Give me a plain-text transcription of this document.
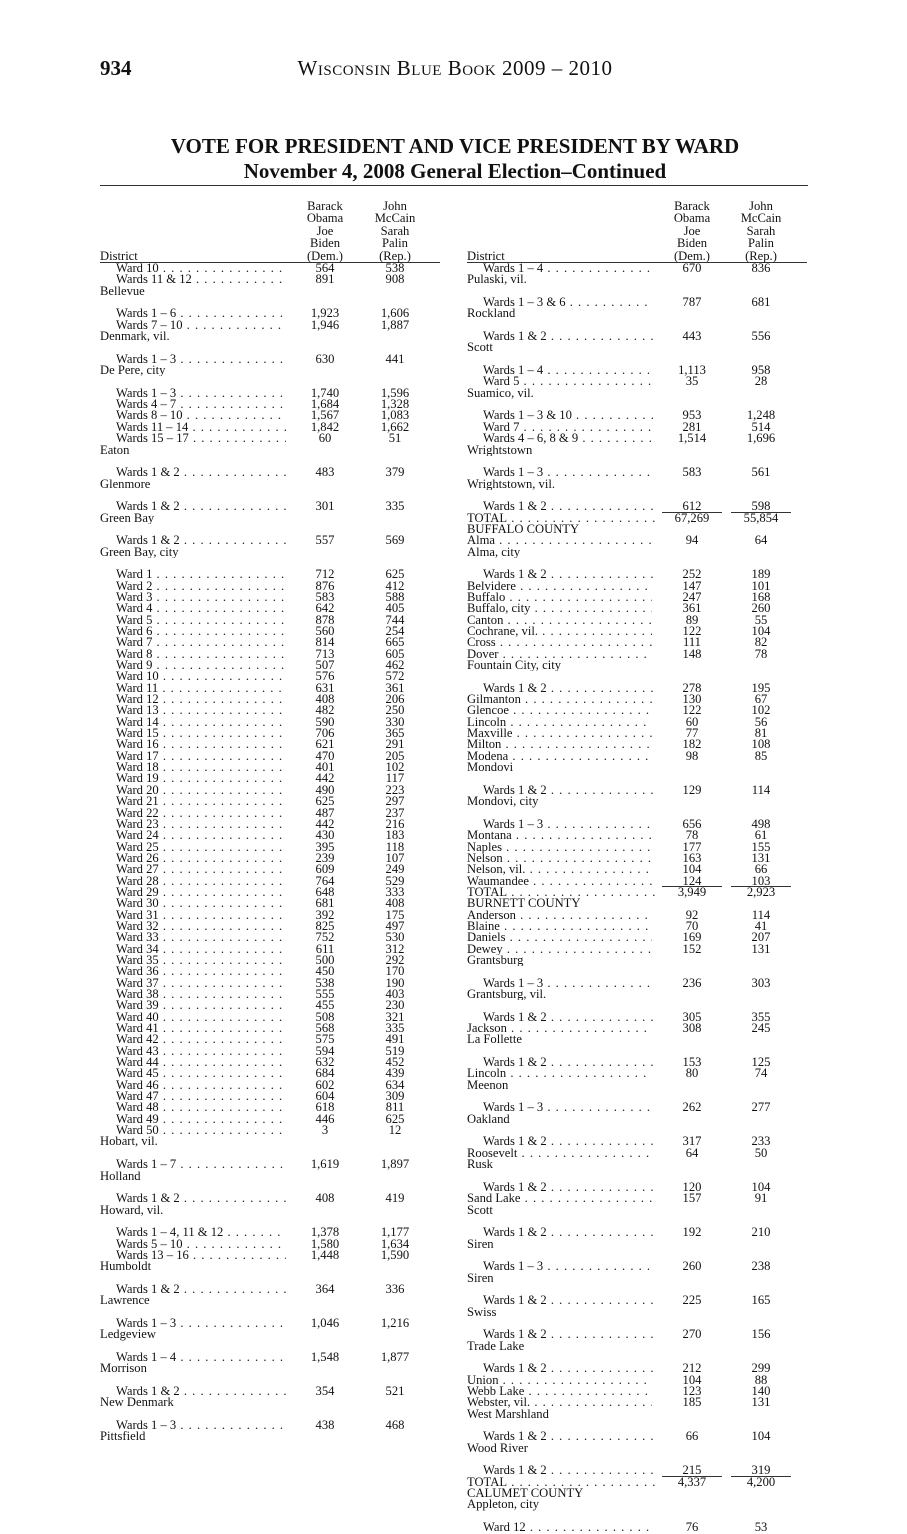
934	Wisconsin Blue Book 2009 – 2010
VOTE FOR PRESIDENT AND VICE PRESIDENT BY WARD
November 4, 2008 General Election–Continued
District
Barack
Obama
Joe
Biden
(Dem.)
John
McCain
Sarah
Palin
(Rep.)
Ward 10 . . .	564	538
Wards 11 & 12 . . .	891	908
Bellevue
Wards 1 – 6 . . .	1,923	1,606
Wards 7 – 10 . . .	1,946	1,887
Denmark, vil.
Wards 1 – 3 . . .	630	441
De Pere, city
Wards 1 – 3 . . .	1,740	1,596
Wards 4 – 7 . . .	1,684	1,328
Wards 8 – 10 . . .	1,567	1,083
Wards 11 – 14 . . .	1,842	1,662
Wards 15 – 17 . . .	60	51
Eaton
Wards 1 & 2 . . .	483	379
Glenmore
Wards 1 & 2 . . .	301	335
Green Bay
Wards 1 & 2 . . .	557	569
Green Bay, city
Ward 1 . . .	712	625
Ward 2 . . .	876	412
Ward 3 . . .	583	588
Ward 4 . . .	642	405
Ward 5 . . .	878	744
Ward 6 . . .	560	254
Ward 7 . . .	814	665
Ward 8 . . .	713	605
Ward 9 . . .	507	462
Ward 10 . . .	576	572
Ward 11 . . .	631	361
Ward 12 . . .	408	206
Ward 13 . . .	482	250
Ward 14 . . .	590	330
Ward 15 . . .	706	365
Ward 16 . . .	621	291
Ward 17 . . .	470	205
Ward 18 . . .	401	102
Ward 19 . . .	442	117
Ward 20 . . .	490	223
Ward 21 . . .	625	297
Ward 22 . . .	487	237
Ward 23 . . .	442	216
Ward 24 . . .	430	183
Ward 25 . . .	395	118
Ward 26 . . .	239	107
Ward 27 . . .	609	249
Ward 28 . . .	764	529
Ward 29 . . .	648	333
Ward 30 . . .	681	408
Ward 31 . . .	392	175
Ward 32 . . .	825	497
Ward 33 . . .	752	530
Ward 34 . . .	611	312
Ward 35 . . .	500	292
Ward 36 . . .	450	170
Ward 37 . . .	538	190
Ward 38 . . .	555	403
Ward 39 . . .	455	230
Ward 40 . . .	508	321
Ward 41 . . .	568	335
Ward 42 . . .	575	491
Ward 43 . . .	594	519
Ward 44 . . .	632	452
Ward 45 . . .	684	439
Ward 46 . . .	602	634
Ward 47 . . .	604	309
Ward 48 . . .	618	811
Ward 49 . . .	446	625
Ward 50 . . .	3	12
Hobart, vil.
Wards 1 – 7 . . .	1,619	1,897
Holland
Wards 1 & 2 . . .	408	419
Howard, vil.
Wards 1 – 4, 11 & 12 . . .	1,378	1,177
Wards 5 – 10 . . .	1,580	1,634
Wards 13 – 16 . . .	1,448	1,590
Humboldt
Wards 1 & 2 . . .	364	336
Lawrence
Wards 1 – 3 . . .	1,046	1,216
Ledgeview
Wards 1 – 4 . . .	1,548	1,877
Morrison
Wards 1 & 2 . . .	354	521
New Denmark
Wards 1 – 3 . . .	438	468
Pittsfield
District
Barack
Obama
Joe
Biden
(Dem.)
John
McCain
Sarah
Palin
(Rep.)
Wards 1 – 4 . . .	670	836
Pulaski, vil.
Wards 1 – 3 & 6 . . .	787	681
Rockland
Wards 1 & 2 . . .	443	556
Scott
Wards 1 – 4 . . .	1,113	958
Ward 5 . . .	35	28
Suamico, vil.
Wards 1 – 3 & 10 . . .	953	1,248
Ward 7 . . .	281	514
Wards 4 – 6, 8 & 9 . . .	1,514	1,696
Wrightstown
Wards 1 – 3 . . .	583	561
Wrightstown, vil.
Wards 1 & 2 . . .	612	598
TOTAL . . .	67,269	55,854
BUFFALO COUNTY
Alma . . .	94	64
Alma, city
Wards 1 & 2 . . .	252	189
Belvidere . . .	147	101
Buffalo . . .	247	168
Buffalo, city . . .	361	260
Canton . . .	89	55
Cochrane, vil. . . .	122	104
Cross . . .	111	82
Dover . . .	148	78
Fountain City, city
Wards 1 & 2 . . .	278	195
Gilmanton . . .	130	67
Glencoe . . .	122	102
Lincoln . . .	60	56
Maxville . . .	77	81
Milton . . .	182	108
Modena . . .	98	85
Mondovi
Wards 1 & 2 . . .	129	114
Mondovi, city
Wards 1 – 3 . . .	656	498
Montana . . .	78	61
Naples . . .	177	155
Nelson . . .	163	131
Nelson, vil. . . .	104	66
Waumandee . . .	124	103
TOTAL . . .	3,949	2,923
BURNETT COUNTY
Anderson . . .	92	114
Blaine . . .	70	41
Daniels . . .	169	207
Dewey . . .	152	131
Grantsburg
Wards 1 – 3 . . .	236	303
Grantsburg, vil.
Wards 1 & 2 . . .	305	355
Jackson . . .	308	245
La Follette
Wards 1 & 2 . . .	153	125
Lincoln . . .	80	74
Meenon
Wards 1 – 3 . . .	262	277
Oakland
Wards 1 & 2 . . .	317	233
Roosevelt . . .	64	50
Rusk
Wards 1 & 2 . . .	120	104
Sand Lake . . .	157	91
Scott
Wards 1 & 2 . . .	192	210
Siren
Wards 1 – 3 . . .	260	238
Siren
Wards 1 & 2 . . .	225	165
Swiss
Wards 1 & 2 . . .	270	156
Trade Lake
Wards 1 & 2 . . .	212	299
Union . . .	104	88
Webb Lake . . .	123	140
Webster, vil. . . .	185	131
West Marshland
Wards 1 & 2 . . .	66	104
Wood River
Wards 1 & 2 . . .	215	319
TOTAL . . .	4,337	4,200
CALUMET COUNTY
Appleton, city
Ward 12 . . .	76	53
